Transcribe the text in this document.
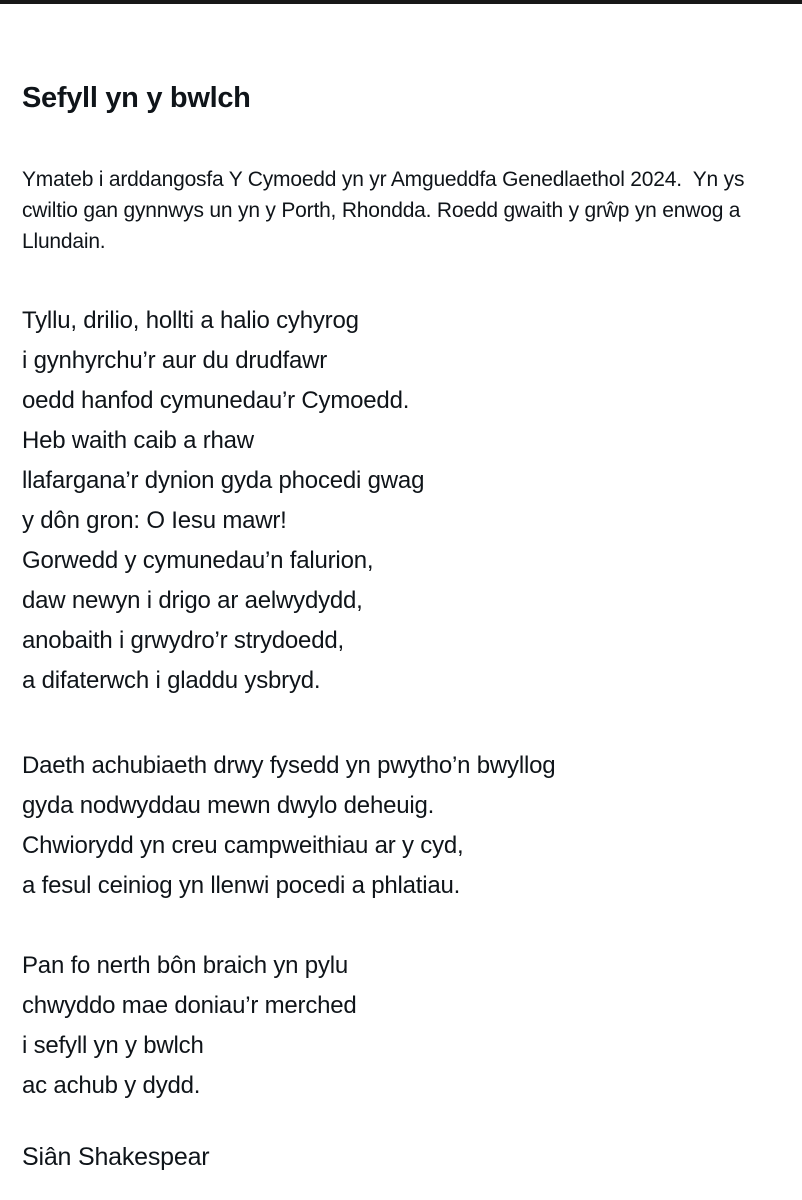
Sefyll yn y bwlch

Ymateb i arddangosfa Y Cymoedd yn yr Amgueddfa Genedlaethol 2024.  Yn ys
cwiltio gan gynnwys un yn y Porth, Rhondda. Roedd gwaith y grŵp yn enwog a
Llundain.

Tyllu, drilio, hollti a halio cyhyrog
i gynhyrchu’r aur du drudfawr
oedd hanfod cymunedau’r Cymoedd.
Heb waith caib a rhaw
llafargana’r dynion gyda phocedi gwag
y dôn gron: O Iesu mawr!
Gorwedd y cymunedau’n falurion,
daw newyn i drigo ar aelwydydd,
anobaith i grwydro’r strydoedd,
a difaterwch i gladdu ysbryd.
Daeth achubiaeth drwy fysedd yn pwytho’n bwyllog
gyda nodwyddau mewn dwylo deheuig.
Chwiorydd yn creu campweithiau ar y cyd,
a fesul ceiniog yn llenwi pocedi a phlatiau.
Pan fo nerth bôn braich yn pylu
chwyddo mae doniau’r merched
i sefyll yn y bwlch
ac achub y dydd.
Siân Shakespear
